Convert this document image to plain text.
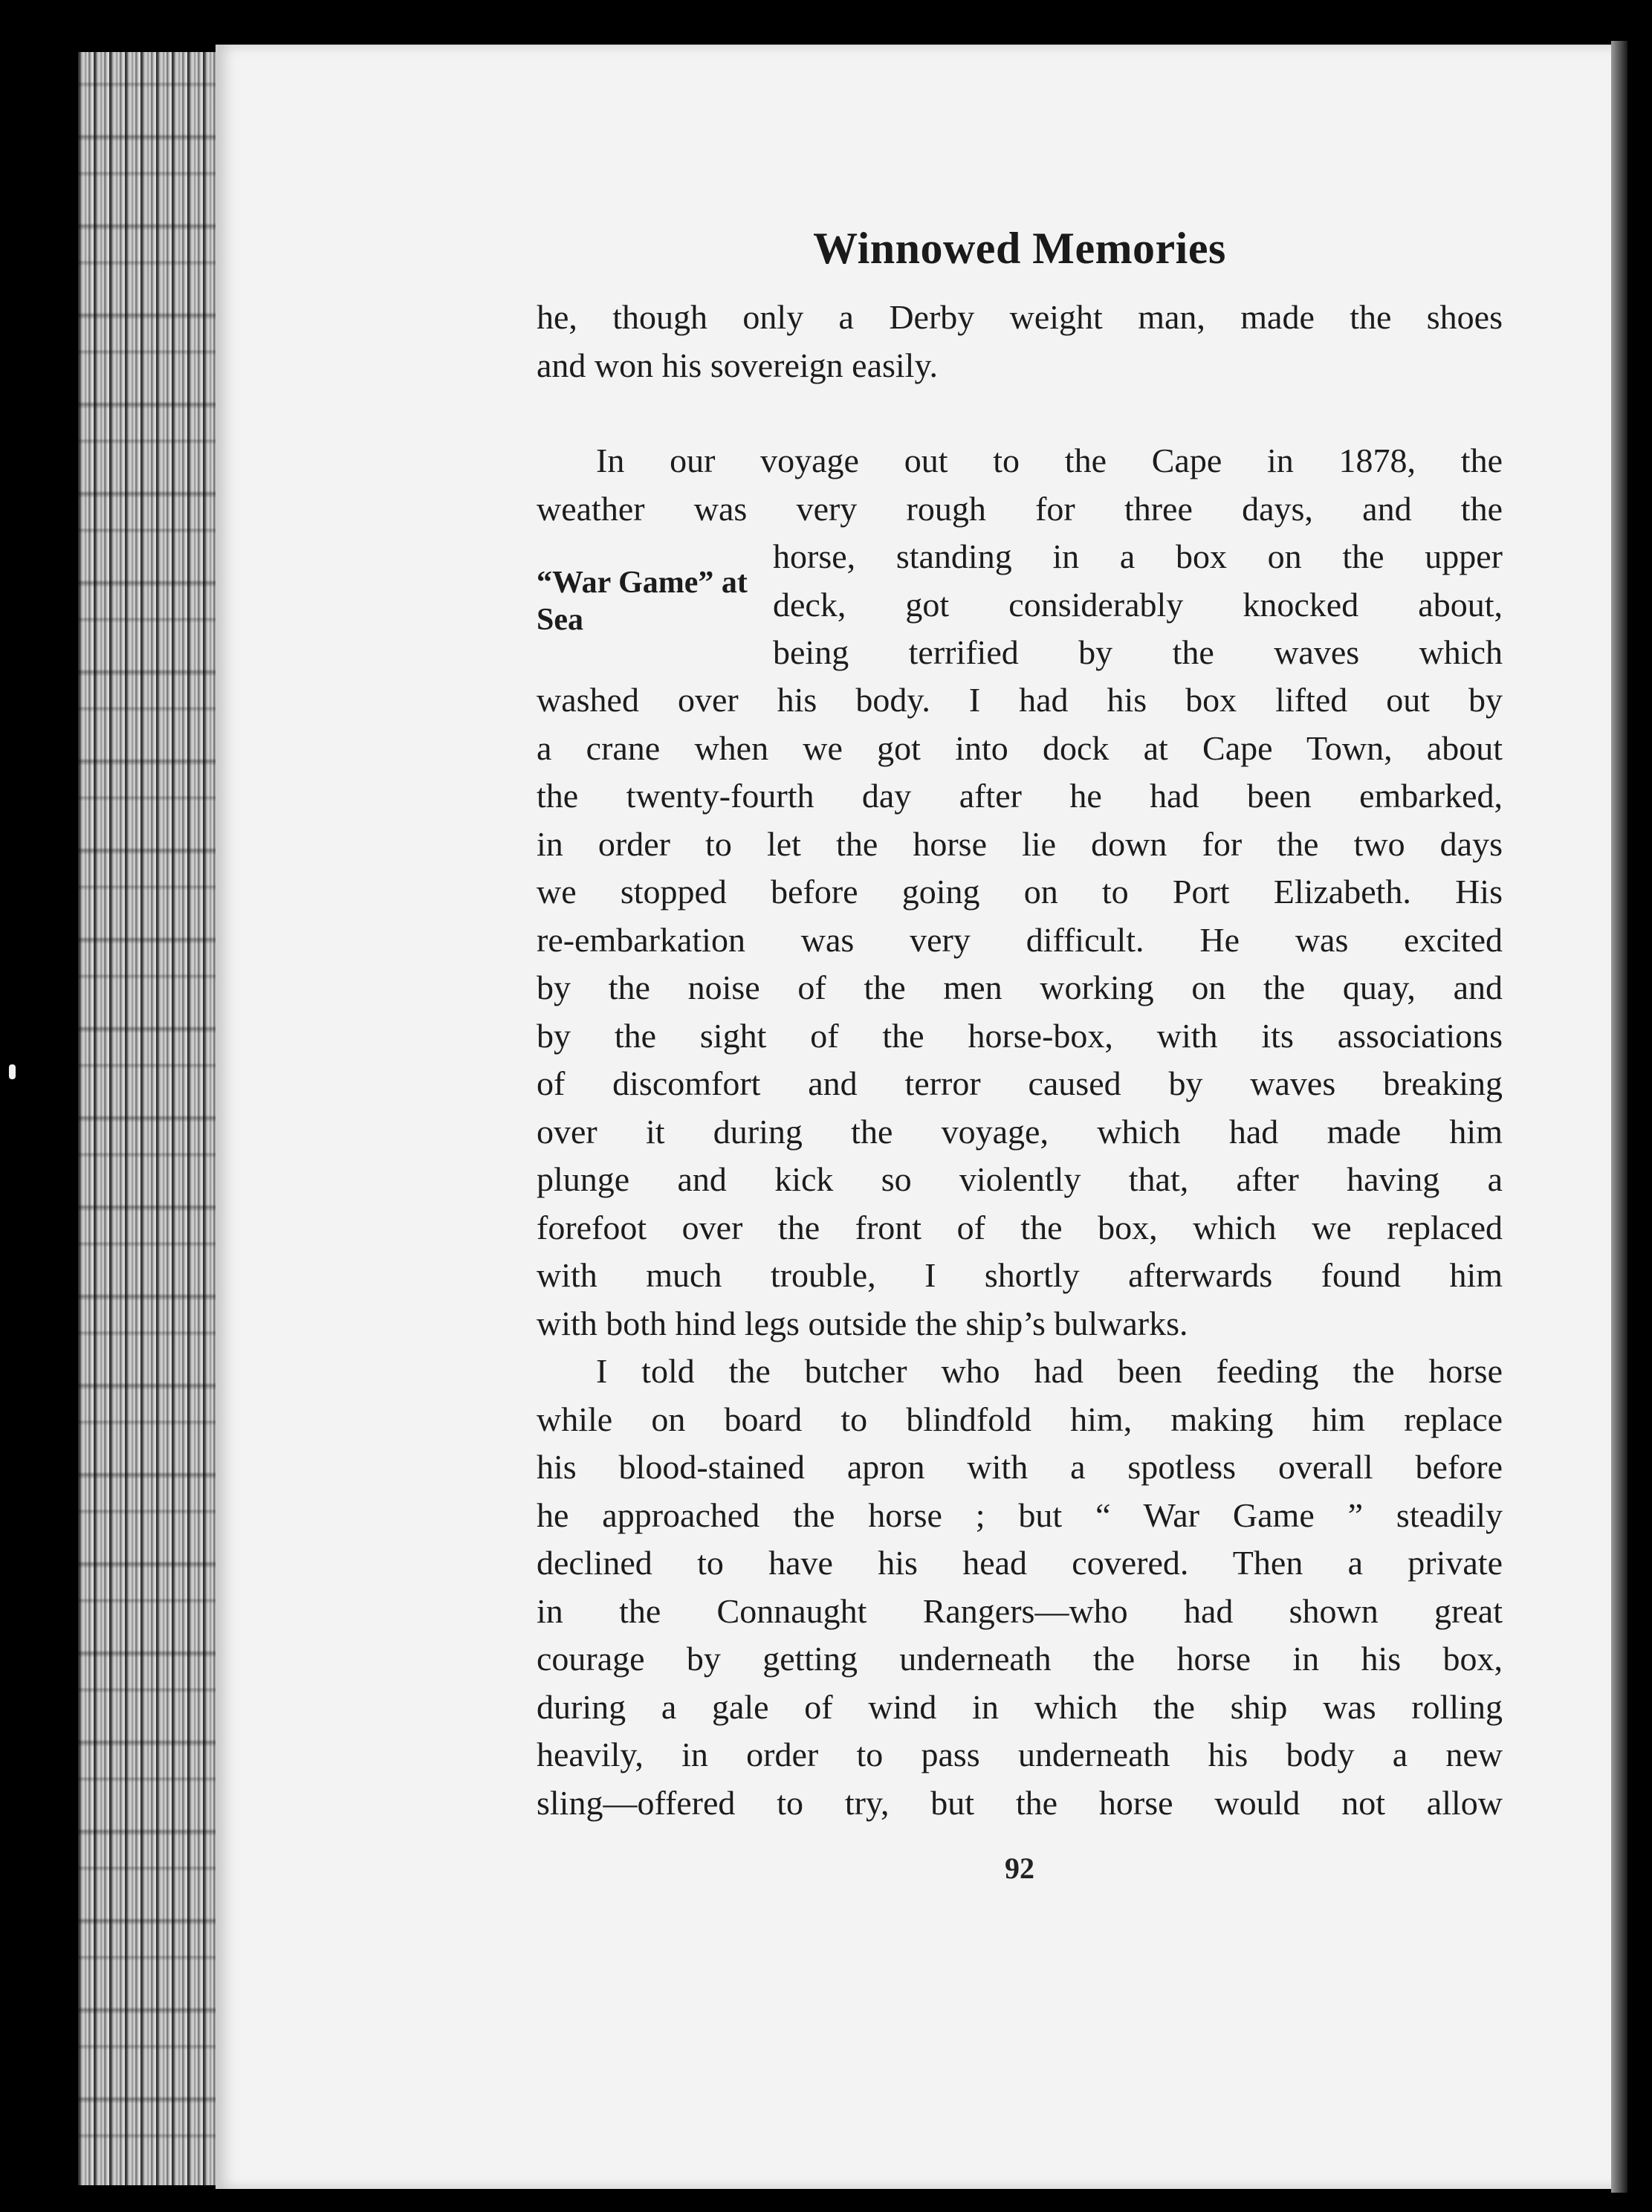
Winnowed Memories

he, though only a Derby weight man, made the shoes
and won his sovereign easily.

In our voyage out to the Cape in 1878, the

weather was very rough for three days, and the

“War Game” at Sea
horse, standing in a box on the upper
deck, got considerably knocked about,
being terrified by the waves which

washed over his body. I had his box lifted out by
a crane when we got into dock at Cape Town, about
the twenty-fourth day after he had been embarked,
in order to let the horse lie down for the two days
we stopped before going on to Port Elizabeth. His
re-embarkation was very difficult. He was excited
by the noise of the men working on the quay, and
by the sight of the horse-box, with its associations
of discomfort and terror caused by waves breaking
over it during the voyage, which had made him
plunge and kick so violently that, after having a
forefoot over the front of the box, which we replaced
with much trouble, I shortly afterwards found him
with both hind legs outside the ship’s bulwarks.

I told the butcher who had been feeding the horse
while on board to blindfold him, making him replace
his blood-stained apron with a spotless overall before
he approached the horse ; but “ War Game ” steadily
declined to have his head covered. Then a private
in the Connaught Rangers—who had shown great
courage by getting underneath the horse in his box,
during a gale of wind in which the ship was rolling
heavily, in order to pass underneath his body a new
sling—offered to try, but the horse would not allow

92
